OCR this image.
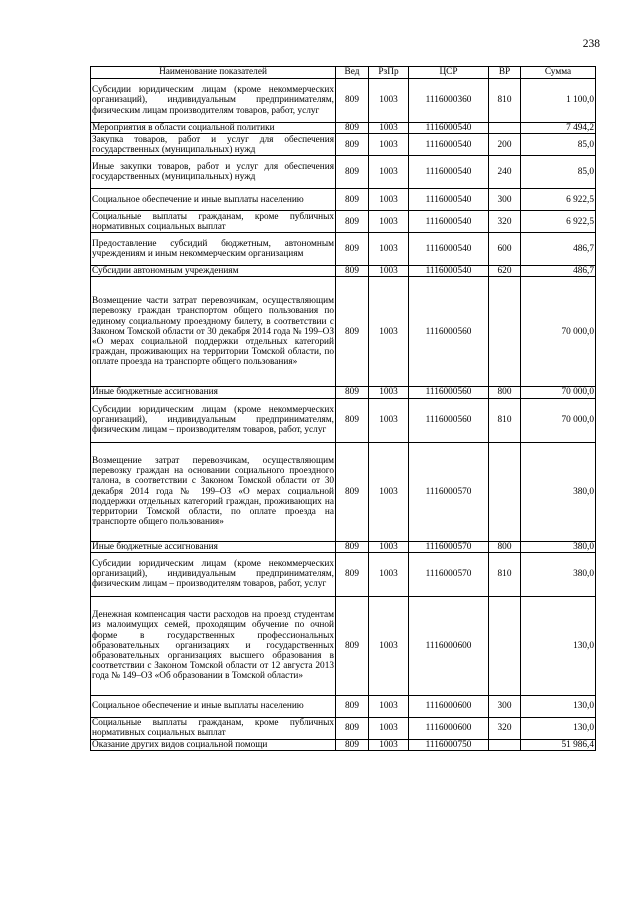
238
Наименование показателей	Вед	РзПр	ЦСР	ВР	Сумма
Субсидии юридическим лицам (кроме некоммерческих организаций), индивидуальным предпринимателям, физическим лицам производителям товаров, работ, услуг	809	1003	1116000360	810	1 100,0
Мероприятия в области социальной политики	809	1003	1116000540		7 494,2
Закупка товаров, работ и услуг для обеспечения государственных (муниципальных) нужд	809	1003	1116000540	200	85,0
Иные закупки товаров, работ и услуг для обеспечения государственных (муниципальных) нужд	809	1003	1116000540	240	85,0
Социальное обеспечение и иные выплаты населению	809	1003	1116000540	300	6 922,5
Социальные выплаты гражданам, кроме публичных нормативных социальных выплат	809	1003	1116000540	320	6 922,5
Предоставление субсидий бюджетным, автономным учреждениям и иным некоммерческим организациям	809	1003	1116000540	600	486,7
Субсидии автономным учреждениям	809	1003	1116000540	620	486,7
Возмещение части затрат перевозчикам, осуществляющим перевозку граждан транспортом общего пользования по единому социальному проездному билету, в соответствии с Законом Томской области от 30 декабря 2014 года № 199–ОЗ «О мерах социальной поддержки отдельных категорий граждан, проживающих на территории Томской области, по оплате проезда на транспорте общего пользования»	809	1003	1116000560		70 000,0
Иные бюджетные ассигнования	809	1003	1116000560	800	70 000,0
Субсидии юридическим лицам (кроме некоммерческих организаций), индивидуальным предпринимателям, физическим лицам – производителям товаров, работ, услуг	809	1003	1116000560	810	70 000,0
Возмещение затрат перевозчикам, осуществляющим перевозку граждан на основании социального проездного талона, в соответствии с Законом Томской области от 30 декабря 2014 года № 199–ОЗ «О мерах социальной поддержки отдельных категорий граждан, проживающих на территории Томской области, по оплате проезда на транспорте общего пользования»	809	1003	1116000570		380,0
Иные бюджетные ассигнования	809	1003	1116000570	800	380,0
Субсидии юридическим лицам (кроме некоммерческих организаций), индивидуальным предпринимателям, физическим лицам – производителям товаров, работ, услуг	809	1003	1116000570	810	380,0
Денежная компенсация части расходов на проезд студентам из малоимущих семей, проходящим обучение по очной форме в государственных профессиональных образовательных организациях и государственных образовательных организациях высшего образования в соответствии с Законом Томской области от 12 августа 2013 года № 149–ОЗ «Об образовании в Томской области»	809	1003	1116000600		130,0
Социальное обеспечение и иные выплаты населению	809	1003	1116000600	300	130,0
Социальные выплаты гражданам, кроме публичных нормативных социальных выплат	809	1003	1116000600	320	130,0
Оказание других видов социальной помощи	809	1003	1116000750		51 986,4
